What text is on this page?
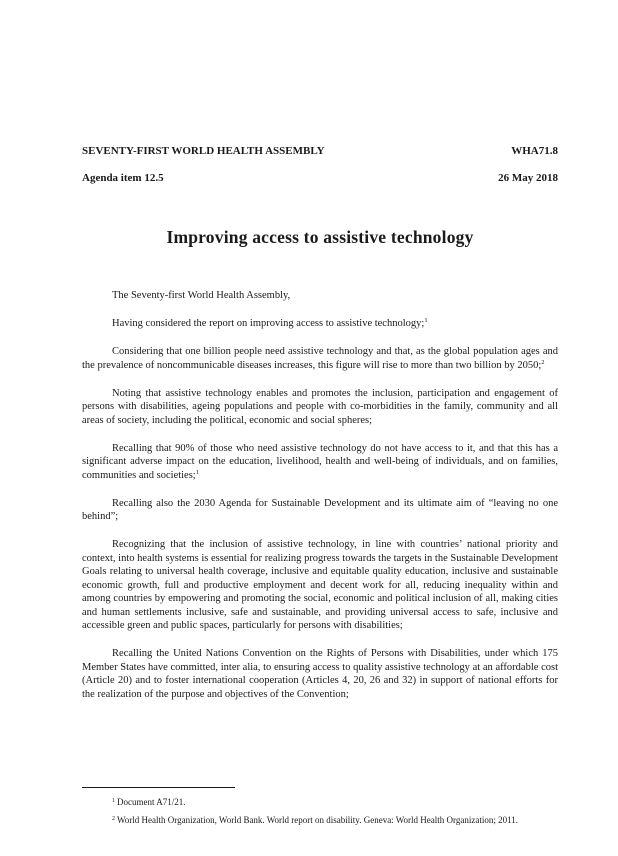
SEVENTY-FIRST WORLD HEALTH ASSEMBLY	WHA71.8
Agenda item 12.5	26 May 2018
Improving access to assistive technology

The Seventy-first World Health Assembly,

Having considered the report on improving access to assistive technology;$^1$

Considering that one billion people need assistive technology and that, as the global population ages and the prevalence of noncommunicable diseases increases, this figure will rise to more than two billion by 2050;$^2$

Noting that assistive technology enables and promotes the inclusion, participation and engagement of persons with disabilities, ageing populations and people with co-morbidities in the family, community and all areas of society, including the political, economic and social spheres;

Recalling that 90% of those who need assistive technology do not have access to it, and that this has a significant adverse impact on the education, livelihood, health and well-being of individuals, and on families, communities and societies;$^1$

Recalling also the 2030 Agenda for Sustainable Development and its ultimate aim of “leaving no one behind”;

Recognizing that the inclusion of assistive technology, in line with countries’ national priority and context, into health systems is essential for realizing progress towards the targets in the Sustainable Development Goals relating to universal health coverage, inclusive and equitable quality education, inclusive and sustainable economic growth, full and productive employment and decent work for all, reducing inequality within and among countries by empowering and promoting the social, economic and political inclusion of all, making cities and human settlements inclusive, safe and sustainable, and providing universal access to safe, inclusive and accessible green and public spaces, particularly for persons with disabilities;

Recalling the United Nations Convention on the Rights of Persons with Disabilities, under which 175 Member States have committed, inter alia, to ensuring access to quality assistive technology at an affordable cost (Article 20) and to foster international cooperation (Articles 4, 20, 26 and 32) in support of national efforts for the realization of the purpose and objectives of the Convention;

$^1$ Document A71/21.
$^2$ World Health Organization, World Bank. World report on disability. Geneva: World Health Organization; 2011.
